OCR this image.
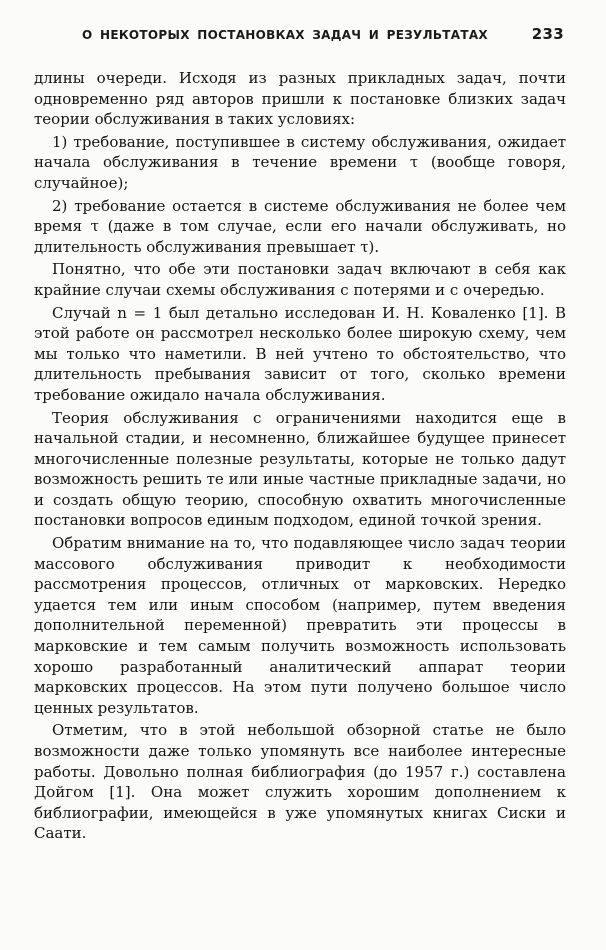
О НЕКОТОРЫХ ПОСТАНОВКАХ ЗАДАЧ И РЕЗУЛЬТАТАХ	233

длины очереди. Исходя из разных прикладных задач, почти одновременно ряд авторов пришли к постановке близких задач теории обслуживания в таких условиях:

1) требование, поступившее в систему обслуживания, ожидает начала обслуживания в течение времени τ (вообще говоря, случайное);

2) требование остается в системе обслуживания не более чем время τ (даже в том случае, если его начали обслуживать, но длительность обслуживания превышает τ).

Понятно, что обе эти постановки задач включают в себя как крайние случаи схемы обслуживания с потерями и с очередью.

Случай n = 1 был детально исследован И. Н. Коваленко [1]. В этой работе он рассмотрел несколько более широкую схему, чем мы только что наметили. В ней учтено то обстоятельство, что длительность пребывания зависит от того, сколько времени требование ожидало начала обслуживания.

Теория обслуживания с ограничениями находится еще в начальной стадии, и несомненно, ближайшее будущее принесет многочисленные полезные результаты, которые не только дадут возможность решить те или иные частные прикладные задачи, но и создать общую теорию, способную охватить многочисленные постановки вопросов единым подходом, единой точкой зрения.

Обратим внимание на то, что подавляющее число задач теории массового обслуживания приводит к необходимости рассмотрения процессов, отличных от марковских. Нередко удается тем или иным способом (например, путем введения дополнительной переменной) превратить эти процессы в марковские и тем самым получить возможность использовать хорошо разработанный аналитический аппарат теории марковских процессов. На этом пути получено большое число ценных результатов.

Отметим, что в этой небольшой обзорной статье не было возможности даже только упомянуть все наиболее интересные работы. Довольно полная библиография (до 1957 г.) составлена Дойгом [1]. Она может служить хорошим дополнением к библиографии, имеющейся в уже упомянутых книгах Сиски и Саати.
